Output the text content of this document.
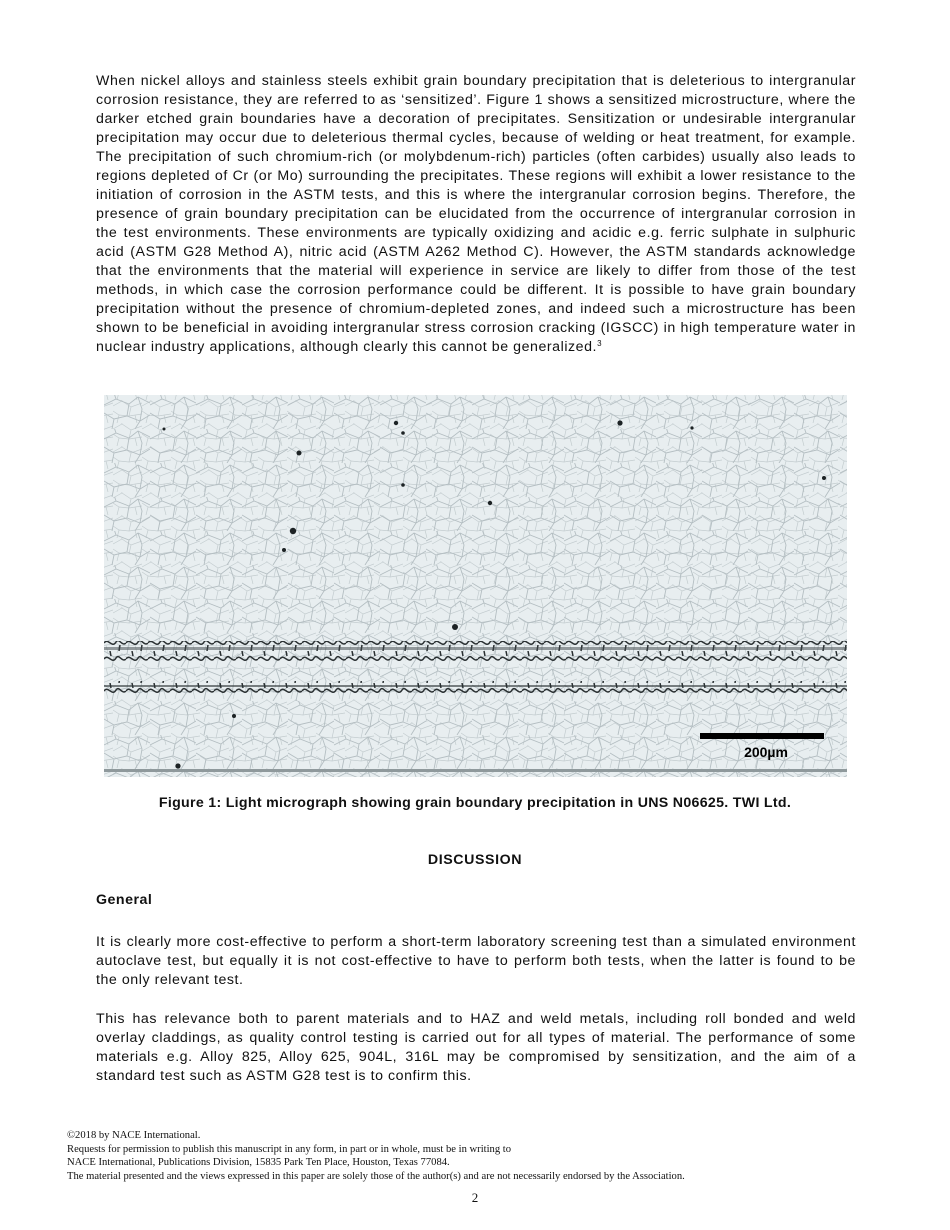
When nickel alloys and stainless steels exhibit grain boundary precipitation that is deleterious to intergranular corrosion resistance, they are referred to as ‘sensitized’. Figure 1 shows a sensitized microstructure, where the darker etched grain boundaries have a decoration of precipitates. Sensitization or undesirable intergranular precipitation may occur due to deleterious thermal cycles, because of welding or heat treatment, for example. The precipitation of such chromium-rich (or molybdenum-rich) particles (often carbides) usually also leads to regions depleted of Cr (or Mo) surrounding the precipitates. These regions will exhibit a lower resistance to the initiation of corrosion in the ASTM tests, and this is where the intergranular corrosion begins. Therefore, the presence of grain boundary precipitation can be elucidated from the occurrence of intergranular corrosion in the test environments. These environments are typically oxidizing and acidic e.g. ferric sulphate in sulphuric acid (ASTM G28 Method A), nitric acid (ASTM A262 Method C). However, the ASTM standards acknowledge that the environments that the material will experience in service are likely to differ from those of the test methods, in which case the corrosion performance could be different. It is possible to have grain boundary precipitation without the presence of chromium-depleted zones, and indeed such a microstructure has been shown to be beneficial in avoiding intergranular stress corrosion cracking (IGSCC) in high temperature water in nuclear industry applications, although clearly this cannot be generalized.$^3$

200µm
Figure 1: Light micrograph showing grain boundary precipitation in UNS N06625. TWI Ltd.
DISCUSSION
General

It is clearly more cost-effective to perform a short-term laboratory screening test than a simulated environment autoclave test, but equally it is not cost-effective to have to perform both tests, when the latter is found to be the only relevant test.

This has relevance both to parent materials and to HAZ and weld metals, including roll bonded and weld overlay claddings, as quality control testing is carried out for all types of material. The performance of some materials e.g. Alloy 825, Alloy 625, 904L, 316L may be compromised by sensitization, and the aim of a standard test such as ASTM G28 test is to confirm this.

©2018 by NACE International.
Requests for permission to publish this manuscript in any form, in part or in whole, must be in writing to
NACE International, Publications Division, 15835 Park Ten Place, Houston, Texas 77084.
The material presented and the views expressed in this paper are solely those of the author(s) and are not necessarily endorsed by the Association.
2
